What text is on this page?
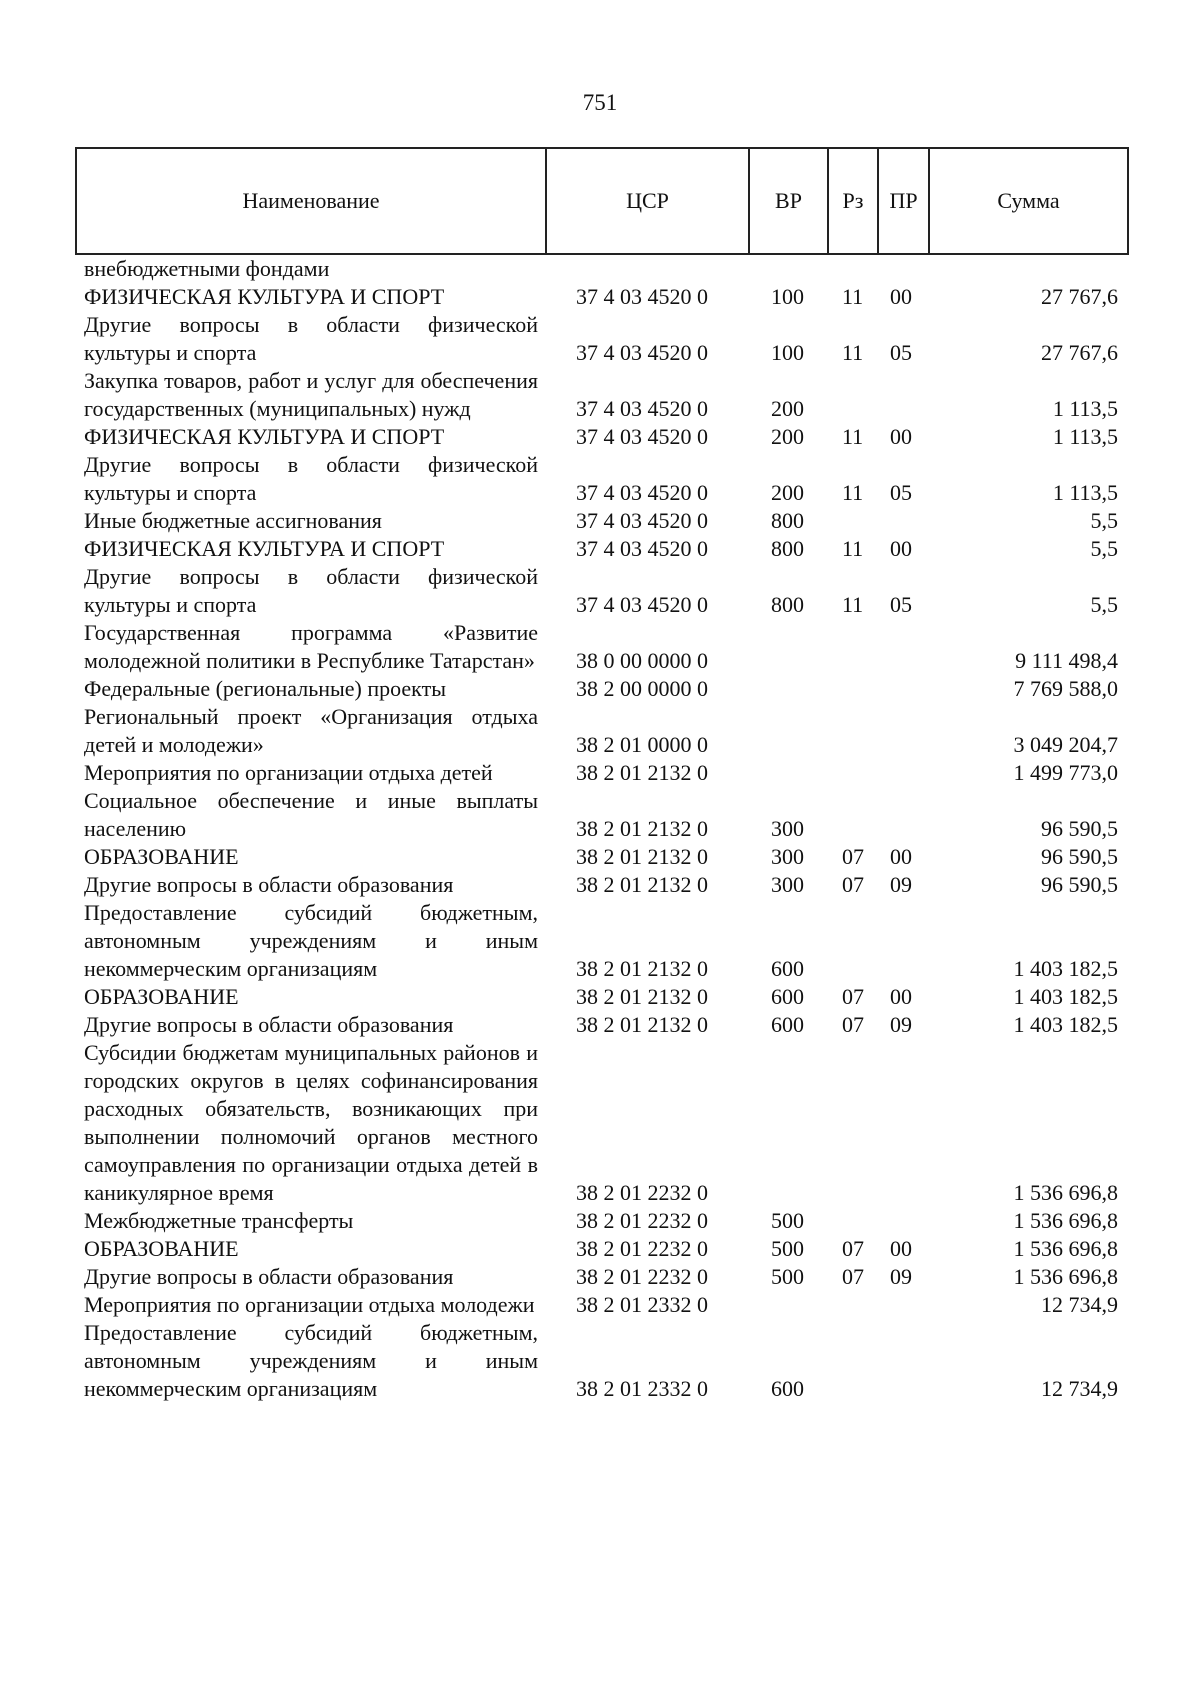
751
Наименование	ЦСР	ВР	Рз	ПР	Сумма
внебюджетными фондами					
ФИЗИЧЕСКАЯ КУЛЬТУРА И СПОРТ	37 4 03 4520 0	100	11	00	27 767,6
Другие вопросы в области физической культуры и спорта	37 4 03 4520 0	100	11	05	27 767,6
Закупка товаров, работ и услуг для обеспечения государственных (муниципальных) нужд	37 4 03 4520 0	200			1 113,5
ФИЗИЧЕСКАЯ КУЛЬТУРА И СПОРТ	37 4 03 4520 0	200	11	00	1 113,5
Другие вопросы в области физической культуры и спорта	37 4 03 4520 0	200	11	05	1 113,5
Иные бюджетные ассигнования	37 4 03 4520 0	800			5,5
ФИЗИЧЕСКАЯ КУЛЬТУРА И СПОРТ	37 4 03 4520 0	800	11	00	5,5
Другие вопросы в области физической культуры и спорта	37 4 03 4520 0	800	11	05	5,5
Государственная программа «Развитие молодежной политики в Республике Татарстан»	38 0 00 0000 0				9 111 498,4
Федеральные (региональные) проекты	38 2 00 0000 0				7 769 588,0
Региональный проект «Организация отдыха детей и молодежи»	38 2 01 0000 0				3 049 204,7
Мероприятия по организации отдыха детей	38 2 01 2132 0				1 499 773,0
Социальное обеспечение и иные выплаты населению	38 2 01 2132 0	300			96 590,5
ОБРАЗОВАНИЕ	38 2 01 2132 0	300	07	00	96 590,5
Другие вопросы в области образования	38 2 01 2132 0	300	07	09	96 590,5
Предоставление субсидий бюджетным, автономным учреждениям и иным некоммерческим организациям	38 2 01 2132 0	600			1 403 182,5
ОБРАЗОВАНИЕ	38 2 01 2132 0	600	07	00	1 403 182,5
Другие вопросы в области образования	38 2 01 2132 0	600	07	09	1 403 182,5
Субсидии бюджетам муниципальных районов и городских округов в целях софинансирования расходных обязательств, возникающих при выполнении полномочий органов местного самоуправления по организации отдыха детей в каникулярное время	38 2 01 2232 0				1 536 696,8
Межбюджетные трансферты	38 2 01 2232 0	500			1 536 696,8
ОБРАЗОВАНИЕ	38 2 01 2232 0	500	07	00	1 536 696,8
Другие вопросы в области образования	38 2 01 2232 0	500	07	09	1 536 696,8
Мероприятия по организации отдыха молодежи	38 2 01 2332 0				12 734,9
Предоставление субсидий бюджетным, автономным учреждениям и иным некоммерческим организациям	38 2 01 2332 0	600			12 734,9
